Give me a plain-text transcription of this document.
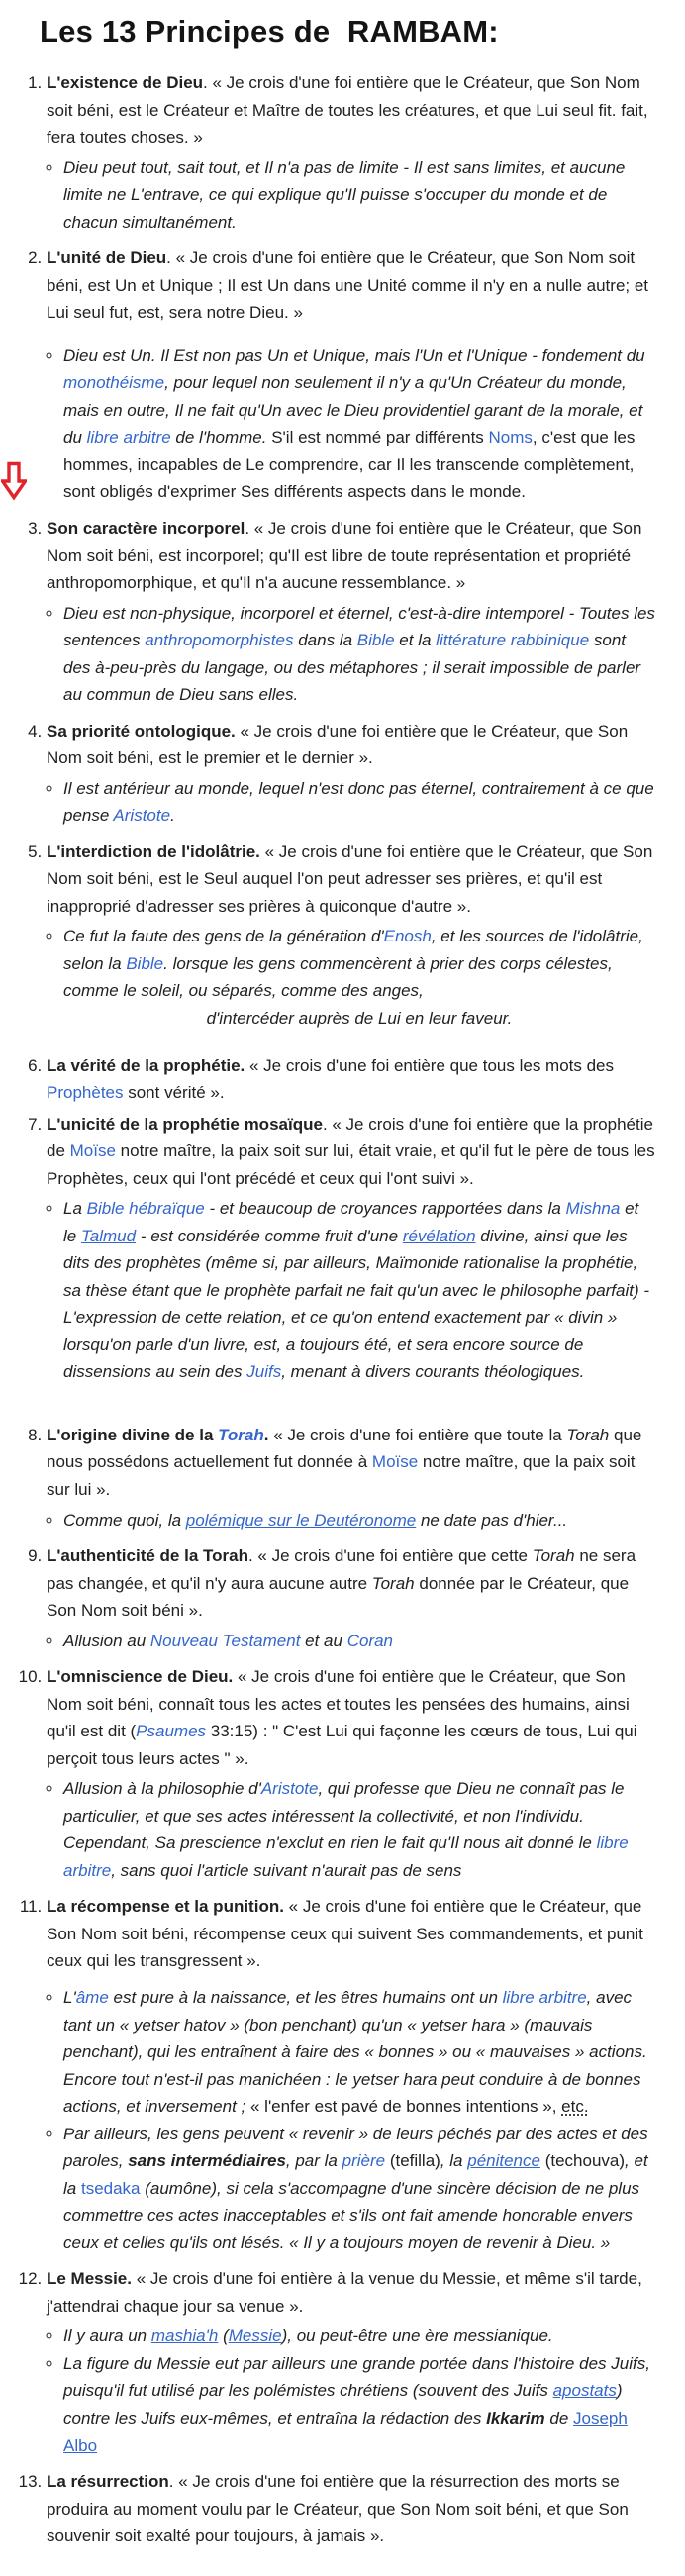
Les 13 Principes de  RAMBAM:
1. L'existence de Dieu. « Je crois d'une foi entière que le Créateur, que Son Nom soit béni, est le Créateur et Maître de toutes les créatures, et que Lui seul fit. fait, fera toutes choses. »
◦ Dieu peut tout, sait tout, et Il n'a pas de limite - Il est sans limites, et aucune limite ne L'entrave, ce qui explique qu'Il puisse s'occuper du monde et de chacun simultanément.
2. L'unité de Dieu. « Je crois d'une foi entière que le Créateur, que Son Nom soit béni, est Un et Unique ; Il est Un dans une Unité comme il n'y en a nulle autre; et Lui seul fut, est, sera notre Dieu. »
◦ Dieu est Un. Il Est non pas Un et Unique, mais l'Un et l'Unique - fondement du monothéisme, pour lequel non seulement il n'y a qu'Un Créateur du monde, mais en outre, Il ne fait qu'Un avec le Dieu providentiel garant de la morale, et du libre arbitre de l'homme. S'il est nommé par différents Noms, c'est que les hommes, incapables de Le comprendre, car Il les transcende complètement, sont obligés d'exprimer Ses différents aspects dans le monde.
3. Son caractère incorporel. « Je crois d'une foi entière que le Créateur, que Son Nom soit béni, est incorporel; qu'Il est libre de toute représentation et propriété anthropomorphique, et qu'Il n'a aucune ressemblance. »
◦ Dieu est non-physique, incorporel et éternel, c'est-à-dire intemporel - Toutes les sentences anthropomorphistes dans la Bible et la littérature rabbinique sont des à-peu-près du langage, ou des métaphores ; il serait impossible de parler au commun de Dieu sans elles.
4. Sa priorité ontologique. « Je crois d'une foi entière que le Créateur, que Son Nom soit béni, est le premier et le dernier ».
◦ Il est antérieur au monde, lequel n'est donc pas éternel, contrairement à ce que pense Aristote.
5. L'interdiction de l'idolâtrie. « Je crois d'une foi entière que le Créateur, que Son Nom soit béni, est le Seul auquel l'on peut adresser ses prières, et qu'il est inapproprié d'adresser ses prières à quiconque d'autre ».
◦ Ce fut la faute des gens de la génération d'Enosh, et les sources de l'idolâtrie, selon la Bible. lorsque les gens commencèrent à prier des corps célestes, comme le soleil, ou séparés, comme des anges,
d'intercéder auprès de Lui en leur faveur.
6. La vérité de la prophétie. « Je crois d'une foi entière que tous les mots des Prophètes sont vérité ».
7. L'unicité de la prophétie mosaïque. « Je crois d'une foi entière que la prophétie de Moïse notre maître, la paix soit sur lui, était vraie, et qu'il fut le père de tous les Prophètes, ceux qui l'ont précédé et ceux qui l'ont suivi ».
◦ La Bible hébraïque - et beaucoup de croyances rapportées dans la Mishna et le Talmud - est considérée comme fruit d'une révélation divine, ainsi que les dits des prophètes (même si, par ailleurs, Maïmonide rationalise la prophétie, sa thèse étant que le prophète parfait ne fait qu'un avec le philosophe parfait) - L'expression de cette relation, et ce qu'on entend exactement par « divin » lorsqu'on parle d'un livre, est, a toujours été, et sera encore source de dissensions au sein des Juifs, menant à divers courants théologiques.
8. L'origine divine de la Torah. « Je crois d'une foi entière que toute la Torah que nous possédons actuellement fut donnée à Moïse notre maître, que la paix soit sur lui ».
◦ Comme quoi, la polémique sur le Deutéronome ne date pas d'hier...
9. L'authenticité de la Torah. « Je crois d'une foi entière que cette Torah ne sera pas changée, et qu'il n'y aura aucune autre Torah donnée par le Créateur, que Son Nom soit béni ».
◦ Allusion au Nouveau Testament et au Coran
10. L'omniscience de Dieu. « Je crois d'une foi entière que le Créateur, que Son Nom soit béni, connaît tous les actes et toutes les pensées des humains, ainsi qu'il est dit (Psaumes 33:15) : " C'est Lui qui façonne les cœurs de tous, Lui qui perçoit tous leurs actes " ».
◦ Allusion à la philosophie d'Aristote, qui professe que Dieu ne connaît pas le particulier, et que ses actes intéressent la collectivité, et non l'individu. Cependant, Sa prescience n'exclut en rien le fait qu'Il nous ait donné le libre arbitre, sans quoi l'article suivant n'aurait pas de sens
11. La récompense et la punition. « Je crois d'une foi entière que le Créateur, que Son Nom soit béni, récompense ceux qui suivent Ses commandements, et punit ceux qui les transgressent ».
◦ L'âme est pure à la naissance, et les êtres humains ont un libre arbitre, avec tant un « yetser hatov » (bon penchant) qu'un « yetser hara » (mauvais penchant), qui les entraînent à faire des « bonnes » ou « mauvaises » actions. Encore tout n'est-il pas manichéen : le yetser hara peut conduire à de bonnes actions, et inversement ; « l'enfer est pavé de bonnes intentions », etc.
◦ Par ailleurs, les gens peuvent « revenir » de leurs péchés par des actes et des paroles, sans intermédiaires, par la prière (tefilla), la pénitence (techouva), et la tsedaka (aumône), si cela s'accompagne d'une sincère décision de ne plus commettre ces actes inacceptables et s'ils ont fait amende honorable envers ceux et celles qu'ils ont lésés. « Il y a toujours moyen de revenir à Dieu. »
12. Le Messie. « Je crois d'une foi entière à la venue du Messie, et même s'il tarde, j'attendrai chaque jour sa venue ».
◦ Il y aura un mashia'h (Messie), ou peut-être une ère messianique.
◦ La figure du Messie eut par ailleurs une grande portée dans l'histoire des Juifs, puisqu'il fut utilisé par les polémistes chrétiens (souvent des Juifs apostats) contre les Juifs eux-mêmes, et entraîna la rédaction des Ikkarim de Joseph Albo
13. La résurrection. « Je crois d'une foi entière que la résurrection des morts se produira au moment voulu par le Créateur, que Son Nom soit béni, et que Son souvenir soit exalté pour toujours, à jamais ».
